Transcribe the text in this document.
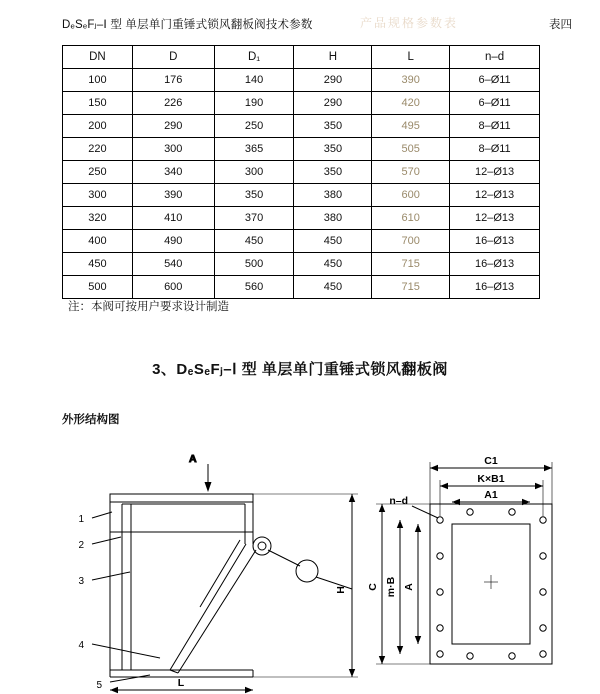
产品规格参数表
DₑSₑFⱼ–Ⅰ 型 单层单门重锤式锁风翻板阀技术参数	表四
DN	D	D₁	H	L	n–d
100	176	140	290	390	6–Ø11
150	226	190	290	420	6–Ø11
200	290	250	350	495	8–Ø11
220	300	365	350	505	8–Ø11
250	340	300	350	570	12–Ø13
300	390	350	380	600	12–Ø13
320	410	370	380	610	12–Ø13
400	490	450	450	700	16–Ø13
450	540	500	450	715	16–Ø13
500	600	560	450	715	16–Ø13
注：本阀可按用户要求设计制造
3、DₑSₑFⱼ–Ⅰ 型 单层单门重锤式锁风翻板阀
外形结构图
A
1
2
3
4
5
H
L
C1
K×B1
A1
n–d
C m·B A
